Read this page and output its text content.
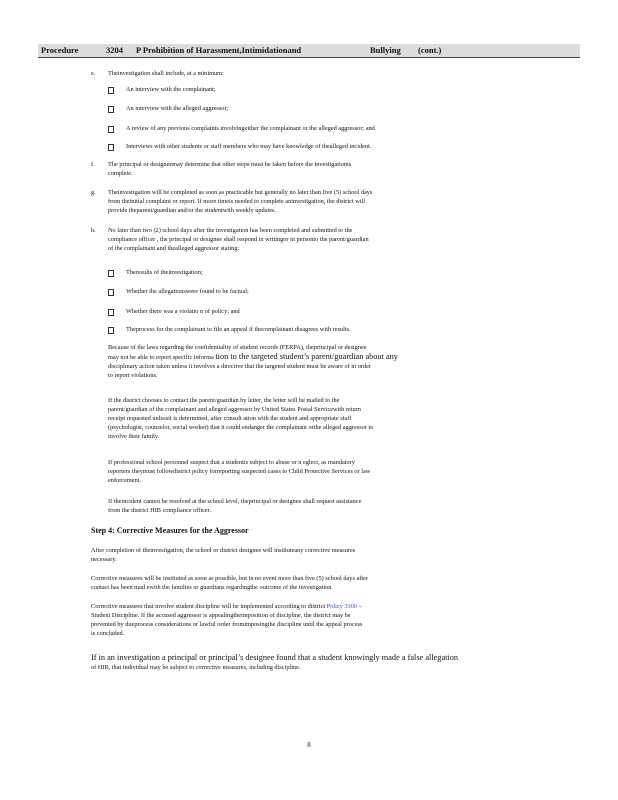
Procedure	3204 P Prohibition of Harassment,Intimidationand	Bullying (cont.)
e. Theinvestigation shall include, at a minimum:
An interview with the complainant;
An interview with the alleged aggressor;
A review of any previous complaints involvingeither the complainant or the alleged aggressor; and
Interviews with other students or staff members who may have knowledge of thealleged incident.
f. The principal or designeemay determine that other steps must be taken before the investigationis
complete.
g. Theinvestigation will be completed as soon as practicable but generally no later than five (5) school days
from theinitial complaint or report. If more timeis needed to complete aninvestigation, the district will
provide theparent/guardian and/or the studentwith weekly updates.
h. No later than two (2) school days after the investigation has been completed and submitted to the
compliance officer , the principal or designee shall respond in writingor in personto the parent/guardian
of the complainant and thealleged aggressor stating:
Theresults of theinvestigation;
Whether the allegationswere found to be factual;
Whether there was a violatio n of policy; and
Theprocess for the complainant to file an appeal if thecomplainant disagrees with results.
Because of the laws regarding the confidentiality of student records (FERPA), theprincipal or designee
may not be able to report specific informa tion to the targeted student’s parent/guardian about any
disciplinary action taken unless it involves a directive that the targeted student must be aware of in order
to report violations.
If the district chooses to contact the parent/guardian by letter, the letter will be mailed to the
parent/guardian of the complainant and alleged aggressor by United States Postal Servicewith return
receipt requested unlessit is determined, after consult ation with the student and appropriate staff
(psychologist, counselor, social worker) that it could endanger the complainant orthe alleged aggressor to
involve their family.
If professional school personnel suspect that a studentis subject to abuse or n eglect, as mandatory
reporters theymust followdistrict policy forreporting suspected cases to Child Protective Services or law
enforcement.
If theincident cannot be resolved at the school level, theprincipal or designee shall request assistance
from the district HIB compliance officer.
Step 4: Corrective Measures for the Aggressor
After completion of theinvestigation, the school or district designee will instituteany corrective measures
necessary.
Corrective measures will be instituted as soon as possible, but in no event more than five (5) school days after
contact has been mad ewith the families or guardians regardingthe outcome of the investigation.
Corrective measures that involve student discipline will be implemented according to district Policy 3300 –
Student Discipline. If the accused aggressor is appealingtheimposition of discipline, the district may be
prevented by dueprocess considerations or lawful order fromimposingthe discipline until the appeal process
is concluded.
If in an investigation a principal or principal’s designee found that a student knowingly made a false allegation
of HIB, that individual may be subject to corrective measures, including discipline.
8
